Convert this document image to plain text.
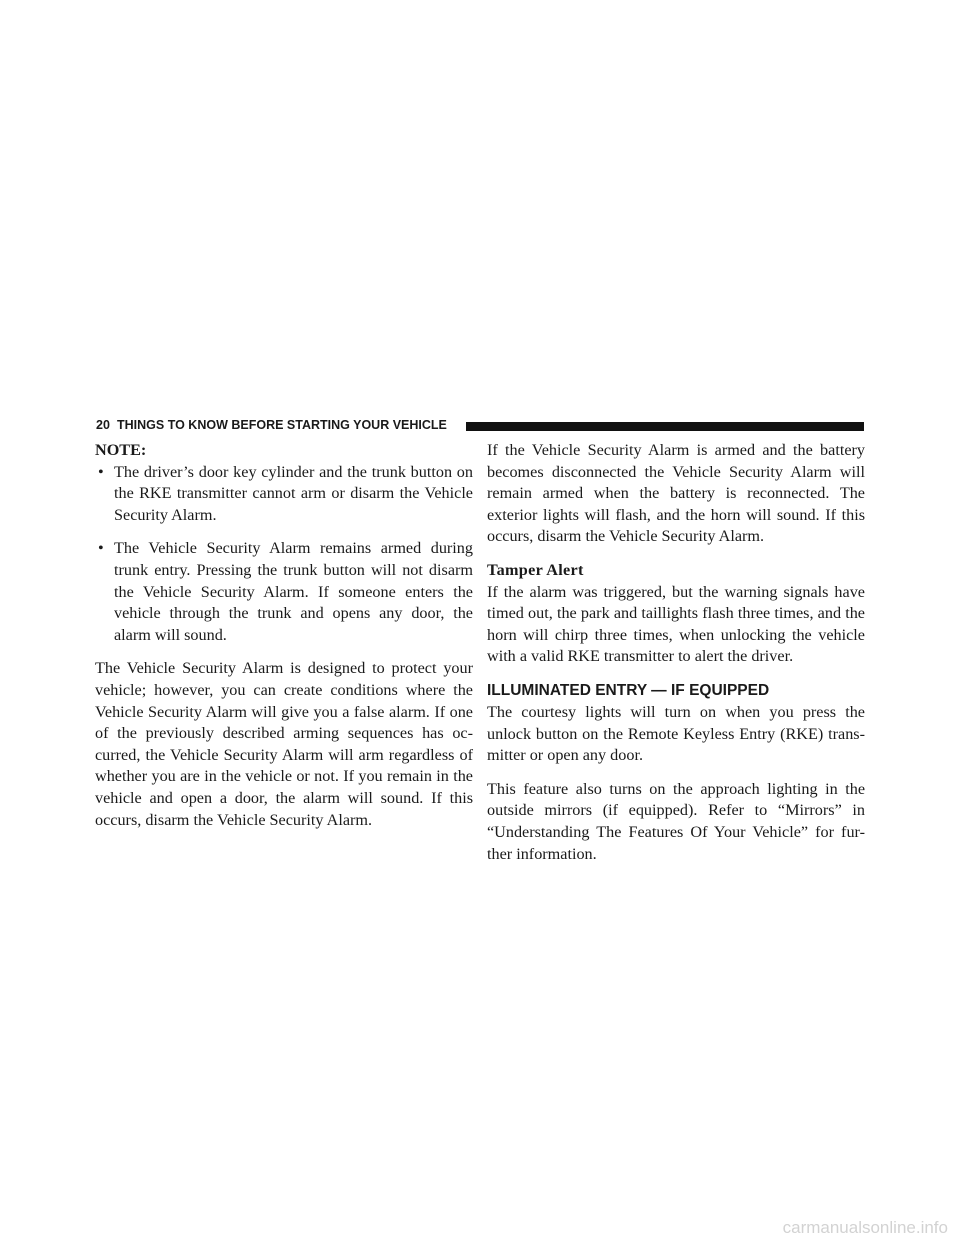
20 THINGS TO KNOW BEFORE STARTING YOUR VEHICLE

NOTE:

• The driver’s door key cylinder and the trunk button on the RKE transmitter cannot arm or disarm the Vehicle Security Alarm.
• The Vehicle Security Alarm remains armed during trunk entry. Pressing the trunk button will not disarm the Vehicle Security Alarm. If someone enters the vehicle through the trunk and opens any door, the alarm will sound.

The Vehicle Security Alarm is designed to protect your vehicle; however, you can create conditions where the Vehicle Security Alarm will give you a false alarm. If one of the previously described arming sequences has oc-curred, the Vehicle Security Alarm will arm regardless of whether you are in the vehicle or not. If you remain in the vehicle and open a door, the alarm will sound. If this occurs, disarm the Vehicle Security Alarm.

If the Vehicle Security Alarm is armed and the battery becomes disconnected the Vehicle Security Alarm will remain armed when the battery is reconnected. The exterior lights will flash, and the horn will sound. If this occurs, disarm the Vehicle Security Alarm.

Tamper Alert

If the alarm was triggered, but the warning signals have timed out, the park and taillights flash three times, and the horn will chirp three times, when unlocking the vehicle with a valid RKE transmitter to alert the driver.

ILLUMINATED ENTRY — IF EQUIPPED

The courtesy lights will turn on when you press the unlock button on the Remote Keyless Entry (RKE) trans-mitter or open any door.

This feature also turns on the approach lighting in the outside mirrors (if equipped). Refer to “Mirrors” in “Understanding The Features Of Your Vehicle” for fur-ther information.

carmanualsonline.info
